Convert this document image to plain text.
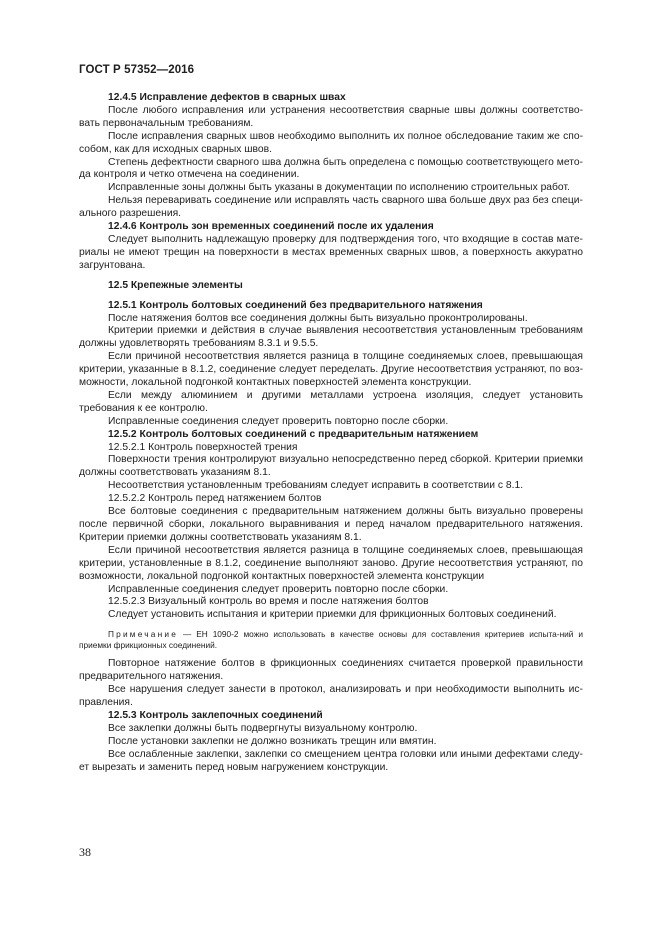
ГОСТ Р 57352—2016

12.4.5 Исправление дефектов в сварных швах

После любого исправления или устранения несоответствия сварные швы должны соответство-вать первоначальным требованиям.

После исправления сварных швов необходимо выполнить их полное обследование таким же спо-собом, как для исходных сварных швов.

Степень дефектности сварного шва должна быть определена с помощью соответствующего мето-да контроля и четко отмечена на соединении.

Исправленные зоны должны быть указаны в документации по исполнению строительных работ.

Нельзя переваривать соединение или исправлять часть сварного шва больше двух раз без специ-ального разрешения.

12.4.6 Контроль зон временных соединений после их удаления

Следует выполнить надлежащую проверку для подтверждения того, что входящие в состав мате-риалы не имеют трещин на поверхности в местах временных сварных швов, а поверхность аккуратно загрунтована.

12.5 Крепежные элементы

12.5.1 Контроль болтовых соединений без предварительного натяжения

После натяжения болтов все соединения должны быть визуально проконтролированы.

Критерии приемки и действия в случае выявления несоответствия установленным требованиям должны удовлетворять требованиям 8.3.1 и 9.5.5.

Если причиной несоответствия является разница в толщине соединяемых слоев, превышающая критерии, указанные в 8.1.2, соединение следует переделать. Другие несоответствия устраняют, по воз-можности, локальной подгонкой контактных поверхностей элемента конструкции.

Если между алюминием и другими металлами устроена изоляция, следует установить требования к ее контролю.

Исправленные соединения следует проверить повторно после сборки.

12.5.2 Контроль болтовых соединений с предварительным натяжением

12.5.2.1 Контроль поверхностей трения

Поверхности трения контролируют визуально непосредственно перед сборкой. Критерии приемки должны соответствовать указаниям 8.1.

Несоответствия установленным требованиям следует исправить в соответствии с 8.1.

12.5.2.2 Контроль перед натяжением болтов

Все болтовые соединения с предварительным натяжением должны быть визуально проверены после первичной сборки, локального выравнивания и перед началом предварительного натяжения. Критерии приемки должны соответствовать указаниям 8.1.

Если причиной несоответствия является разница в толщине соединяемых слоев, превышающая критерии, установленные в 8.1.2, соединение выполняют заново. Другие несоответствия устраняют, по возможности, локальной подгонкой контактных поверхностей элемента конструкции

Исправленные соединения следует проверить повторно после сборки.

12.5.2.3 Визуальный контроль во время и после натяжения болтов

Следует установить испытания и критерии приемки для фрикционных болтовых соединений.

Примечание — ЕН 1090-2 можно использовать в качестве основы для составления критериев испыта-ний и приемки фрикционных соединений.

Повторное натяжение болтов в фрикционных соединениях считается проверкой правильности предварительного натяжения.

Все нарушения следует занести в протокол, анализировать и при необходимости выполнить ис-правления.

12.5.3 Контроль заклепочных соединений

Все заклепки должны быть подвергнуты визуальному контролю.

После установки заклепки не должно возникать трещин или вмятин.

Все ослабленные заклепки, заклепки со смещением центра головки или иными дефектами следу-ет вырезать и заменить перед новым нагружением конструкции.

38
